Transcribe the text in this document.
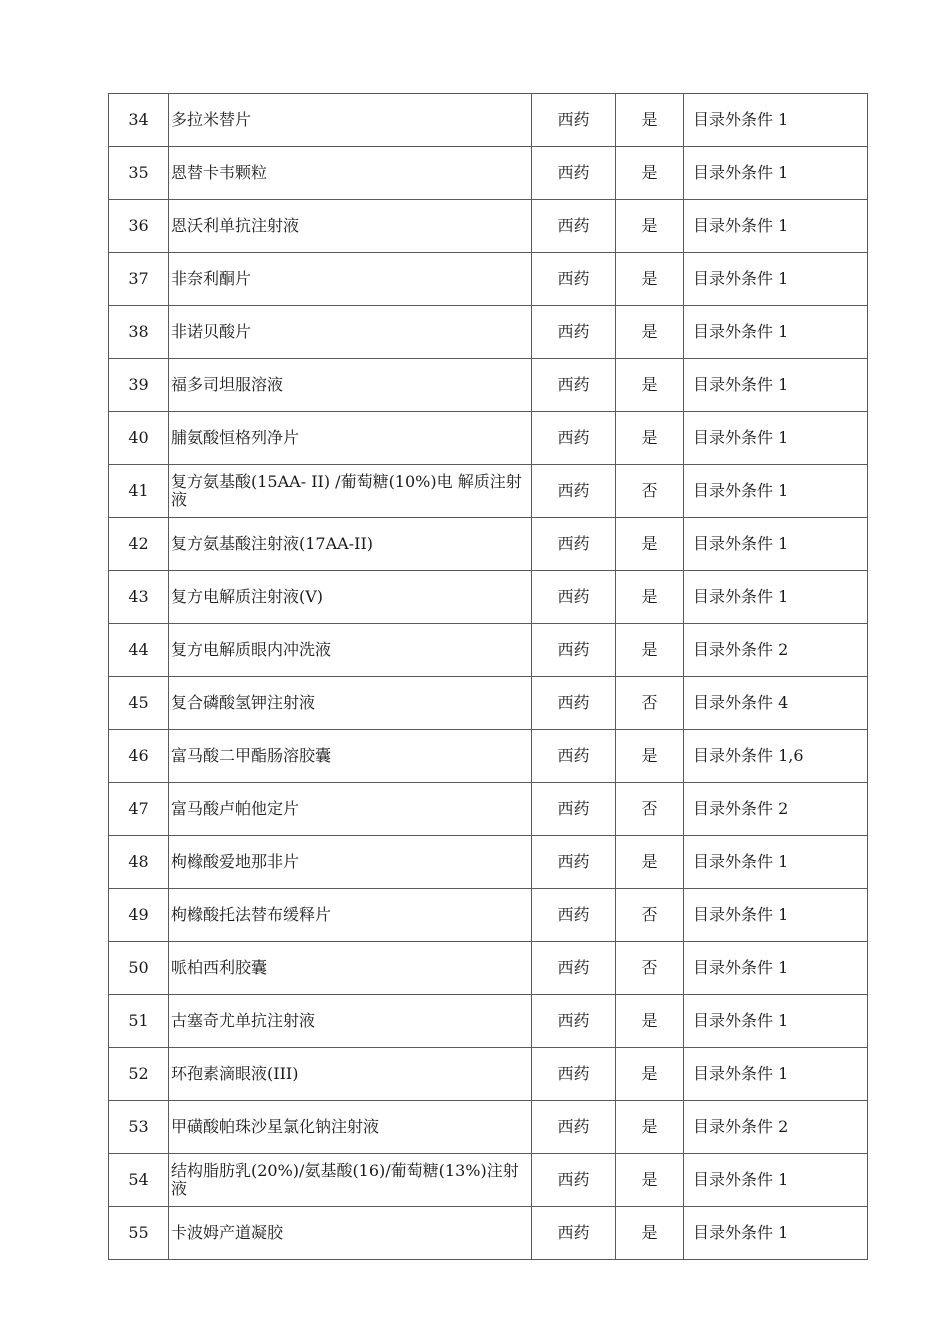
34	多拉米替片	西药	是	目录外条件 1
35	恩替卡韦颗粒	西药	是	目录外条件 1
36	恩沃利单抗注射液	西药	是	目录外条件 1
37	非奈利酮片	西药	是	目录外条件 1
38	非诺贝酸片	西药	是	目录外条件 1
39	福多司坦服溶液	西药	是	目录外条件 1
40	脯氨酸恒格列净片	西药	是	目录外条件 1
41	复方氨基酸(15AA- II) /葡萄糖(10%)电 解质注射液	西药	否	目录外条件 1
42	复方氨基酸注射液(17AA-II)	西药	是	目录外条件 1
43	复方电解质注射液(V)	西药	是	目录外条件 1
44	复方电解质眼内冲洗液	西药	是	目录外条件 2
45	复合磷酸氢钾注射液	西药	否	目录外条件 4
46	富马酸二甲酯肠溶胶囊	西药	是	目录外条件 1,6
47	富马酸卢帕他定片	西药	否	目录外条件 2
48	枸橼酸爱地那非片	西药	是	目录外条件 1
49	枸橼酸托法替布缓释片	西药	否	目录外条件 1
50	哌柏西利胶囊	西药	否	目录外条件 1
51	古塞奇尤单抗注射液	西药	是	目录外条件 1
52	环孢素滴眼液(III)	西药	是	目录外条件 1
53	甲磺酸帕珠沙星氯化钠注射液	西药	是	目录外条件 2
54	结构脂肪乳(20%)/氨基酸(16)/葡萄糖(13%)注射液	西药	是	目录外条件 1
55	卡波姆产道凝胶	西药	是	目录外条件 1
